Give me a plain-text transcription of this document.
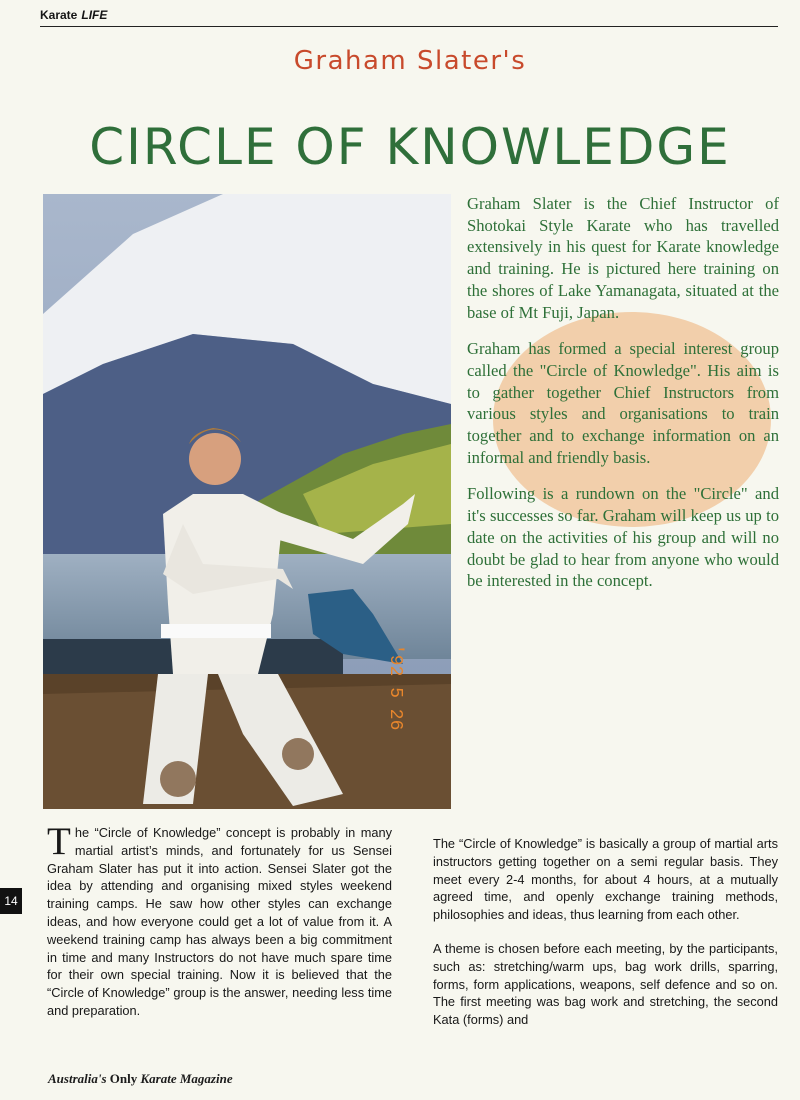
Karate LIFE
Graham Slater's
CIRCLE OF KNOWLEDGE
'92 5 26

Graham Slater is the Chief Instructor of Shotokai Style Karate who has travelled extensively in his quest for Karate knowledge and training. He is pictured here training on the shores of Lake Yamanagata, situated at the base of Mt Fuji, Japan.

Graham has formed a special interest group called the "Circle of Knowledge". His aim is to gather together Chief Instructors from various styles and organisations to train together and to exchange information on an informal and friendly basis.

Following is a rundown on the "Circle" and it's successes so far. Graham will keep us up to date on the activities of his group and will no doubt be glad to hear from anyone who would be interested in the concept.

The “Circle of Knowledge” concept is probably in many martial artist’s minds, and fortunately for us Sensei Graham Slater has put it into action. Sensei Slater got the idea by attending and organising mixed styles weekend training camps. He saw how other styles can exchange ideas, and how everyone could get a lot of value from it. A weekend training camp has always been a big commitment in time and many Instructors do not have much spare time for their own special training. Now it is believed that the “Circle of Knowledge” group is the answer, needing less time and preparation.

The “Circle of Knowledge” is basically a group of martial arts instructors getting together on a semi regular basis. They meet every 2-4 months, for about 4 hours, at a mutually agreed time, and openly exchange training methods, philosophies and ideas, thus learning from each other.

A theme is chosen before each meeting, by the participants, such as: stretching/warm ups, bag work drills, sparring, forms, form applications, weapons, self defence and so on. The first meeting was bag work and stretching, the second Kata (forms) and

14
Australia's Only Karate Magazine
